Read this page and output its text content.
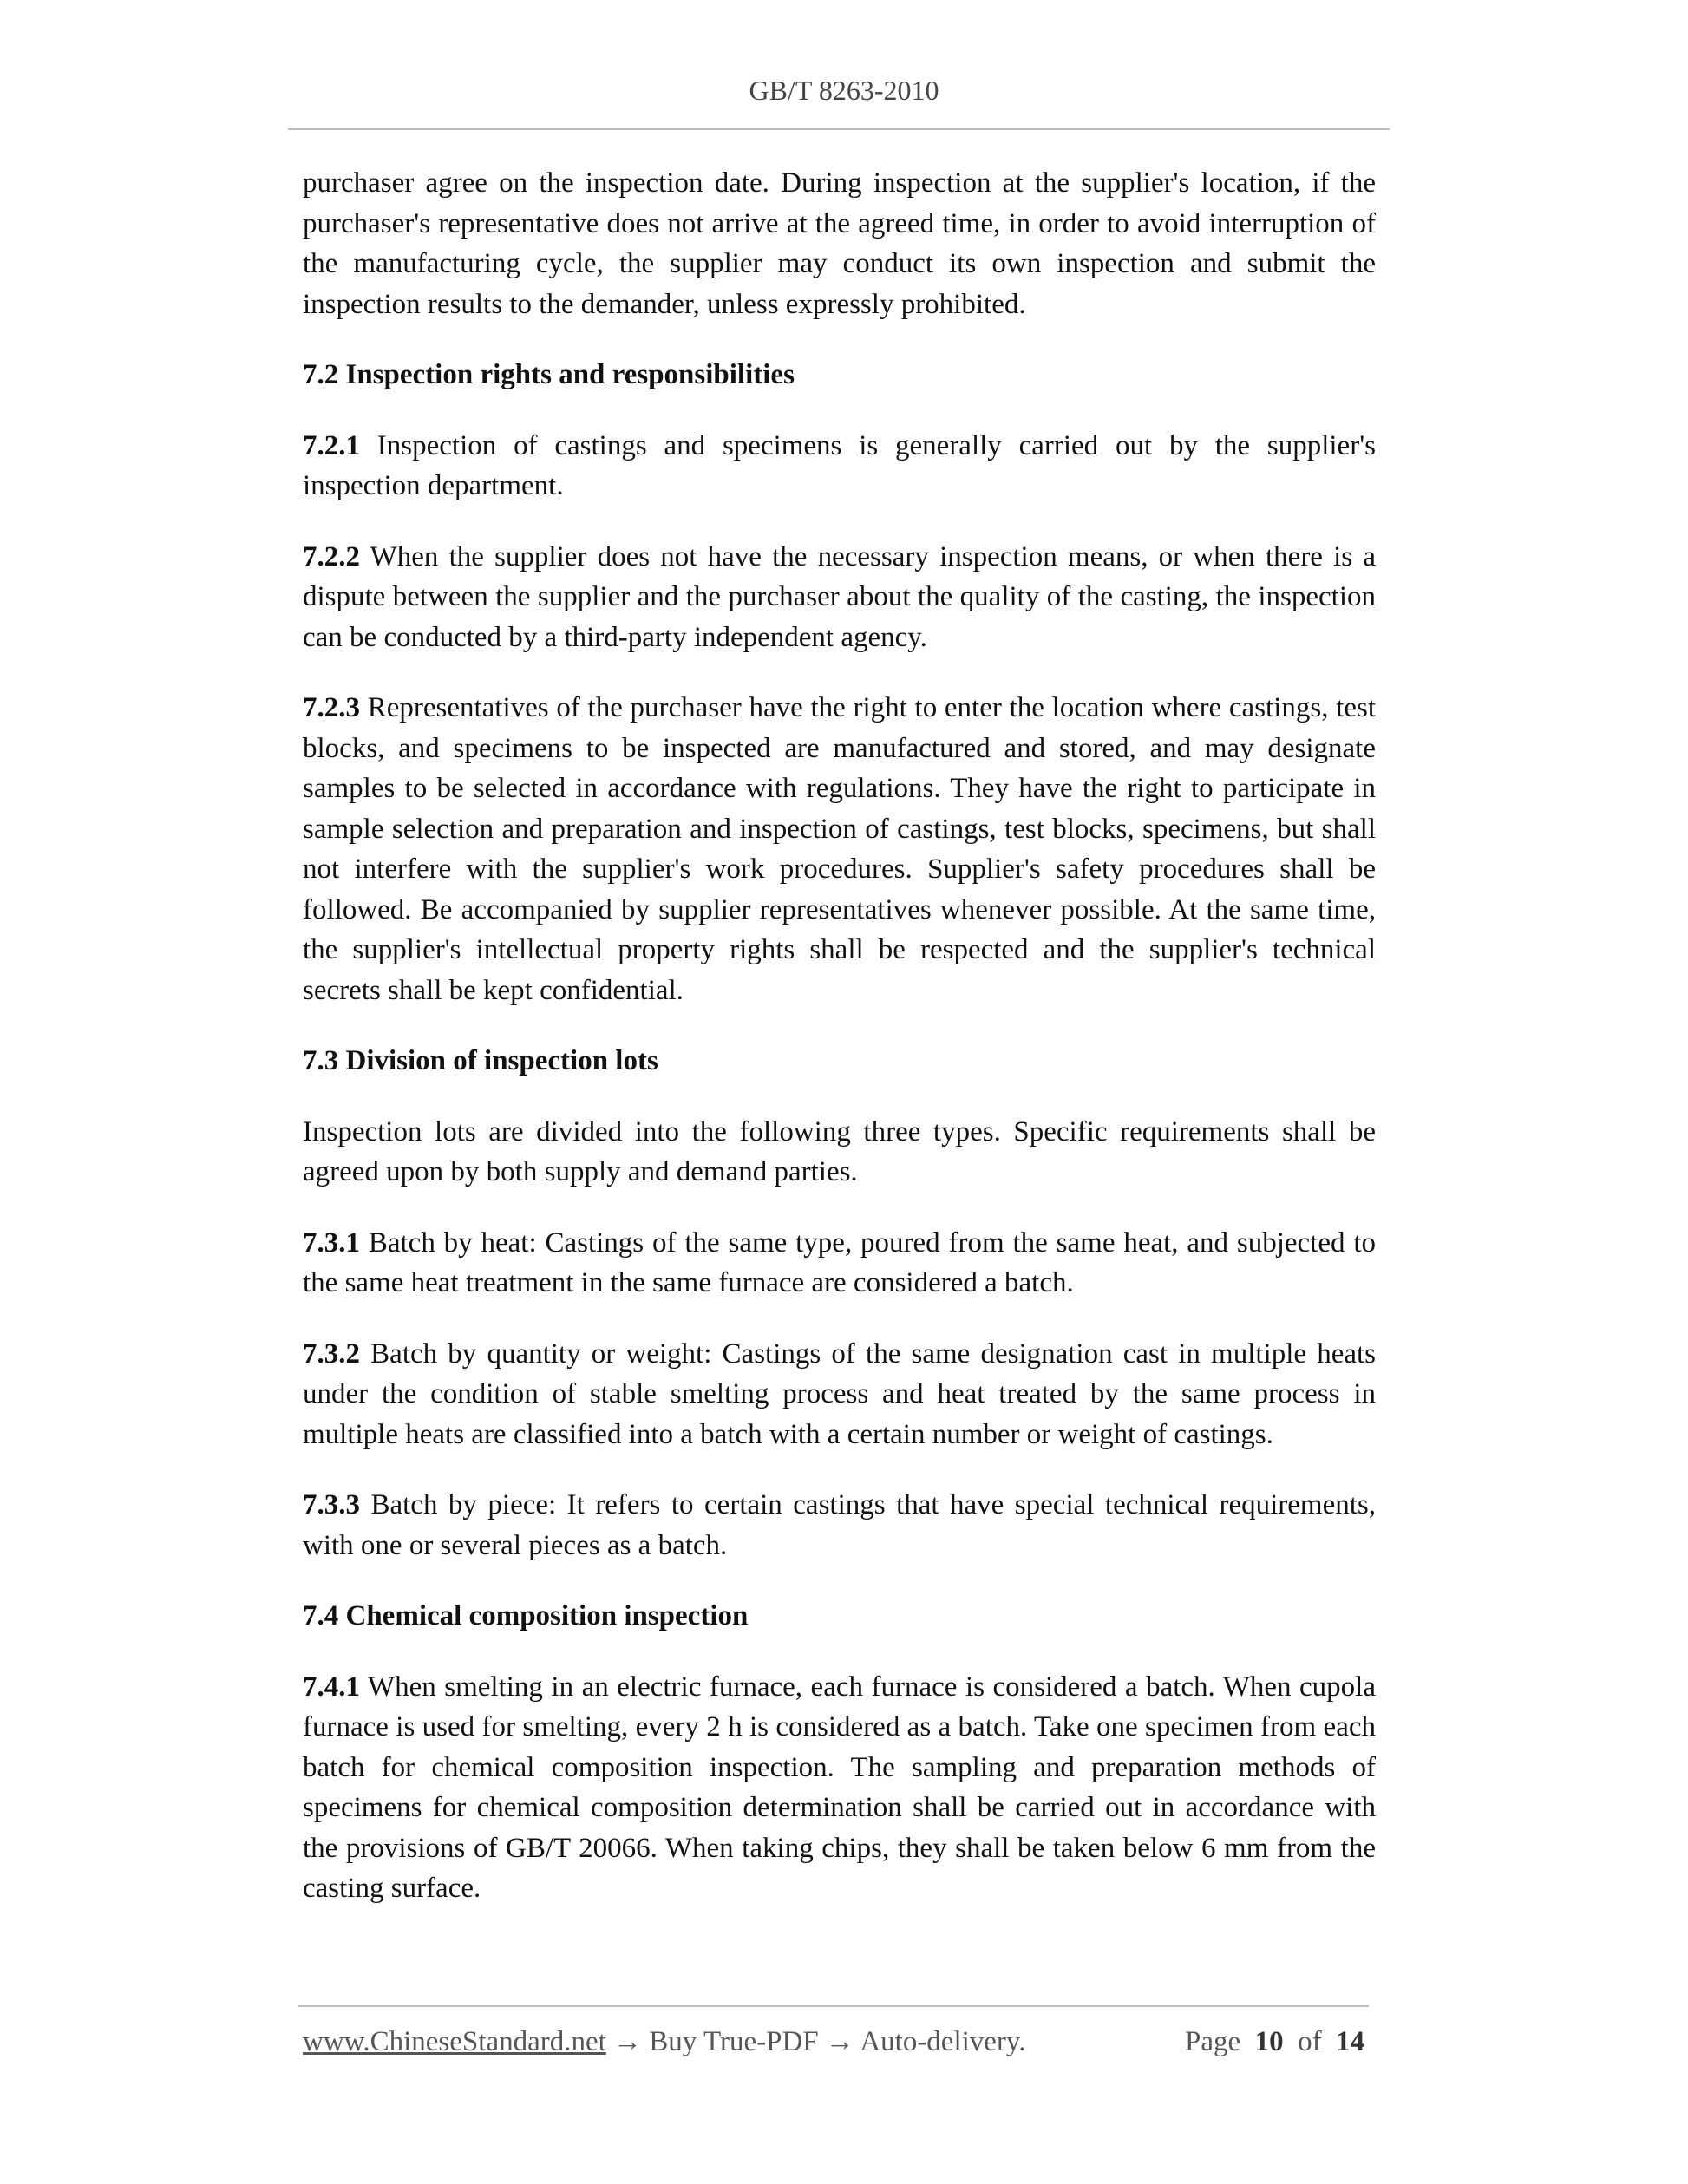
GB/T 8263-2010

purchaser agree on the inspection date. During inspection at the supplier's location, if the purchaser's representative does not arrive at the agreed time, in order to avoid interruption of the manufacturing cycle, the supplier may conduct its own inspection and submit the inspection results to the demander, unless expressly prohibited.

7.2 Inspection rights and responsibilities

7.2.1 Inspection of castings and specimens is generally carried out by the supplier's inspection department.

7.2.2 When the supplier does not have the necessary inspection means, or when there is a dispute between the supplier and the purchaser about the quality of the casting, the inspection can be conducted by a third-party independent agency.

7.2.3 Representatives of the purchaser have the right to enter the location where castings, test blocks, and specimens to be inspected are manufactured and stored, and may designate samples to be selected in accordance with regulations. They have the right to participate in sample selection and preparation and inspection of castings, test blocks, specimens, but shall not interfere with the supplier's work procedures. Supplier's safety procedures shall be followed. Be accompanied by supplier representatives whenever possible. At the same time, the supplier's intellectual property rights shall be respected and the supplier's technical secrets shall be kept confidential.

7.3 Division of inspection lots

Inspection lots are divided into the following three types. Specific requirements shall be agreed upon by both supply and demand parties.

7.3.1 Batch by heat: Castings of the same type, poured from the same heat, and subjected to the same heat treatment in the same furnace are considered a batch.

7.3.2 Batch by quantity or weight: Castings of the same designation cast in multiple heats under the condition of stable smelting process and heat treated by the same process in multiple heats are classified into a batch with a certain number or weight of castings.

7.3.3 Batch by piece: It refers to certain castings that have special technical requirements, with one or several pieces as a batch.

7.4 Chemical composition inspection

7.4.1 When smelting in an electric furnace, each furnace is considered a batch. When cupola furnace is used for smelting, every 2 h is considered as a batch. Take one specimen from each batch for chemical composition inspection. The sampling and preparation methods of specimens for chemical composition determination shall be carried out in accordance with the provisions of GB/T 20066. When taking chips, they shall be taken below 6 mm from the casting surface.

www.ChineseStandard.net → Buy True-PDF → Auto-delivery.	Page 10 of 14
